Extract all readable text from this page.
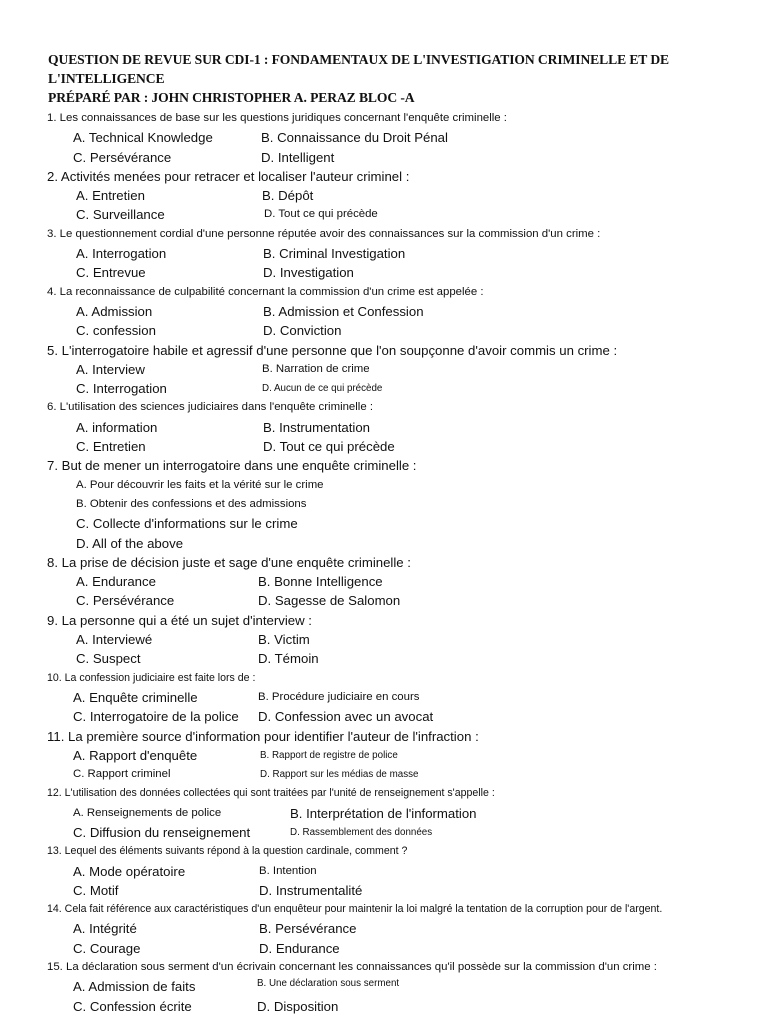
QUESTION DE REVUE SUR CDI-1 : FONDAMENTAUX DE L'INVESTIGATION CRIMINELLE ET DE L'INTELLIGENCE
PRÉPARÉ PAR : JOHN CHRISTOPHER A. PERAZ BLOC -A
1. Les connaissances de base sur les questions juridiques concernant l'enquête criminelle :
A. Technical Knowledge	B. Connaissance du Droit Pénal
C. Persévérance	D. Intelligent
2. Activités menées pour retracer et localiser l'auteur criminel :
A. Entretien	B. Dépôt
C. Surveillance	D. Tout ce qui précède
3. Le questionnement cordial d'une personne réputée avoir des connaissances sur la commission d'un crime :
A. Interrogation	B. Criminal Investigation
C. Entrevue	D. Investigation
4. La reconnaissance de culpabilité concernant la commission d'un crime est appelée :
A. Admission	B. Admission et Confession
C. confession	D. Conviction
5. L'interrogatoire habile et agressif d'une personne que l'on soupçonne d'avoir commis un crime :
A. Interview	B. Narration de crime
C. Interrogation	D. Aucun de ce qui précède
6. L'utilisation des sciences judiciaires dans l'enquête criminelle :
A. information	B. Instrumentation
C. Entretien	D. Tout ce qui précède
7. But de mener un interrogatoire dans une enquête criminelle :
A. Pour découvrir les faits et la vérité sur le crime
B. Obtenir des confessions et des admissions
C. Collecte d'informations sur le crime
D. All of the above
8. La prise de décision juste et sage d'une enquête criminelle :
A. Endurance	B. Bonne Intelligence
C. Persévérance	D. Sagesse de Salomon
9. La personne qui a été un sujet d'interview :
A. Interviewé	B. Victim
C. Suspect	D. Témoin
10. La confession judiciaire est faite lors de :
A. Enquête criminelle	B. Procédure judiciaire en cours
C. Interrogatoire de la police D. Confession avec un avocat
11. La première source d'information pour identifier l'auteur de l'infraction :
A. Rapport d'enquête	B. Rapport de registre de police
C. Rapport criminel	D. Rapport sur les médias de masse
12. L'utilisation des données collectées qui sont traitées par l'unité de renseignement s'appelle :
A. Renseignements de police	B. Interprétation de l'information
C. Diffusion du renseignement	D. Rassemblement des données
13. Lequel des éléments suivants répond à la question cardinale, comment ?
A. Mode opératoire	B. Intention
C. Motif	D. Instrumentalité
14. Cela fait référence aux caractéristiques d'un enquêteur pour maintenir la loi malgré la tentation de la corruption pour de l'argent.
A. Intégrité	B. Persévérance
C. Courage	D. Endurance
15. La déclaration sous serment d'un écrivain concernant les connaissances qu'il possède sur la commission d'un crime :
A. Admission de faits	B. Une déclaration sous serment
C. Confession écrite	D. Disposition
